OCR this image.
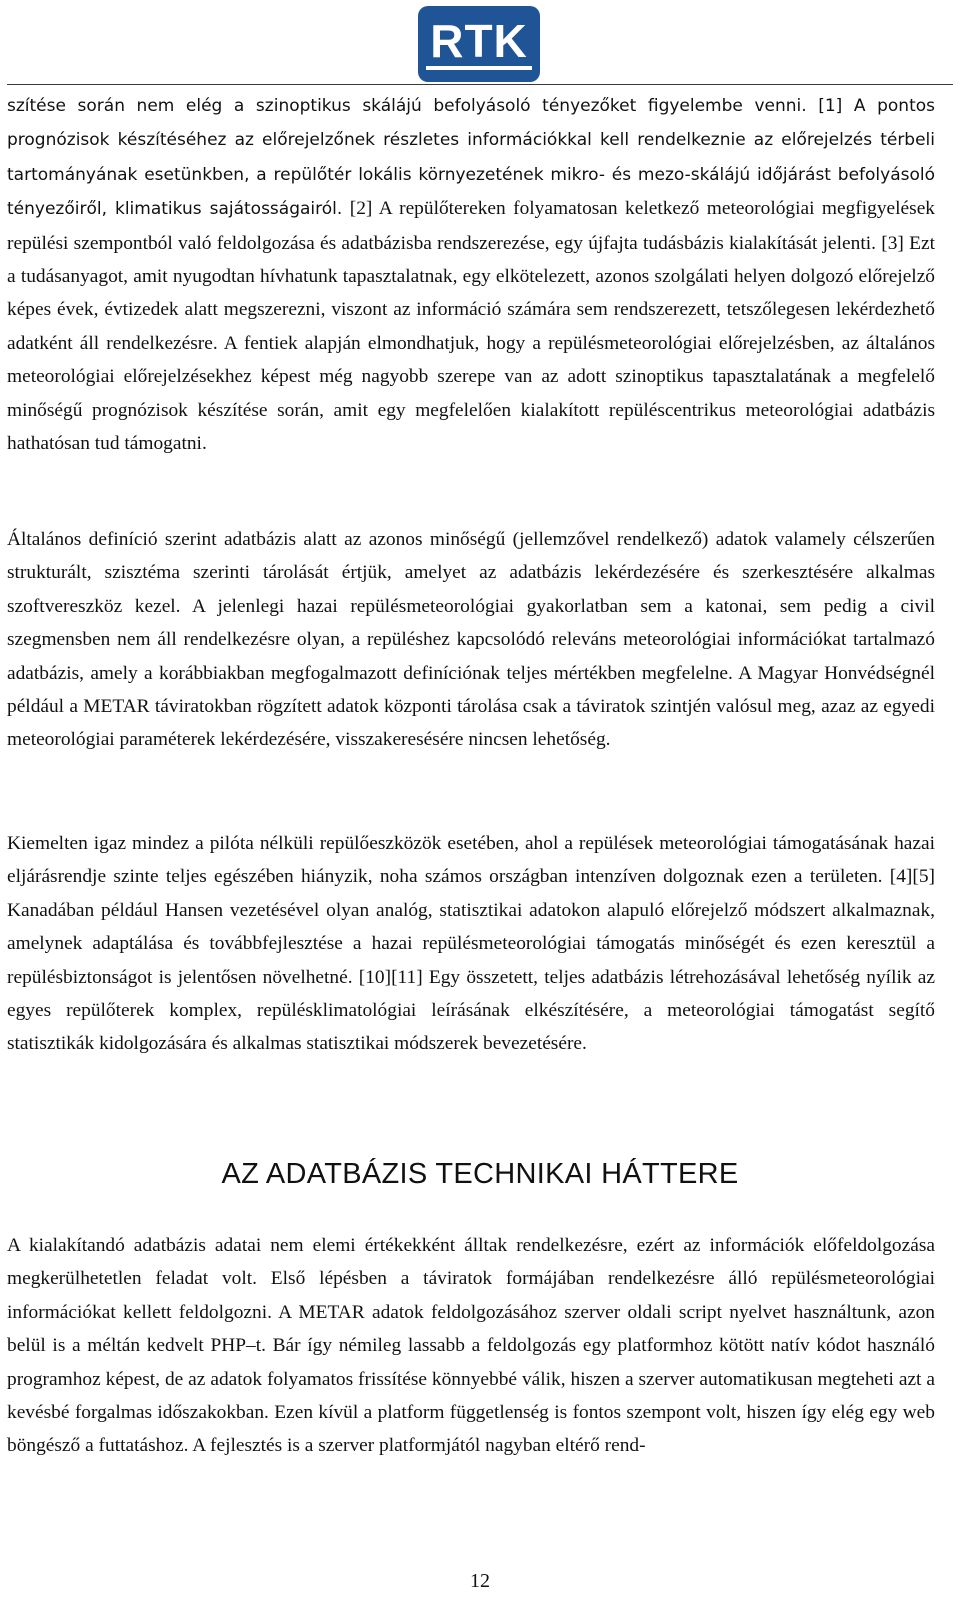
RTK

szítése során nem elég a szinoptikus skálájú befolyásoló tényezőket figyelembe venni. [1] A pontos prognózisok készítéséhez az előrejelzőnek részletes információkkal kell rendelkeznie az előrejelzés térbeli tartományának esetünkben, a repülőtér lokális környezetének mikro- és mezo-skálájú időjárást befolyásoló tényezőiről, klimatikus sajátosságairól. [2] A repülőtereken folyamatosan keletkező meteorológiai megfigyelések repülési szempontból való feldolgozása és adatbázisba rendszerezése, egy újfajta tudásbázis kialakítását jelenti. [3] Ezt a tudásanyagot, amit nyugodtan hívhatunk tapasztalatnak, egy elkötelezett, azonos szolgálati helyen dolgozó előrejelző képes évek, évtizedek alatt megszerezni, viszont az információ számára sem rendszerezett, tetszőlegesen lekérdezhető adatként áll rendelkezésre. A fentiek alapján elmondhatjuk, hogy a repülésmeteorológiai előrejelzésben, az általános meteorológiai előrejelzésekhez képest még nagyobb szerepe van az adott szinoptikus tapasztalatának a megfelelő minőségű prognózisok készítése során, amit egy megfelelően kialakított repüléscentrikus meteorológiai adatbázis hathatósan tud támogatni.

Általános definíció szerint adatbázis alatt az azonos minőségű (jellemzővel rendelkező) adatok valamely célszerűen strukturált, szisztéma szerinti tárolását értjük, amelyet az adatbázis lekérdezésére és szerkesztésére alkalmas szoftvereszköz kezel. A jelenlegi hazai repülésmeteorológiai gyakorlatban sem a katonai, sem pedig a civil szegmensben nem áll rendelkezésre olyan, a repüléshez kapcsolódó releváns meteorológiai információkat tartalmazó adatbázis, amely a korábbiakban megfogalmazott definíciónak teljes mértékben megfelelne. A Magyar Honvédségnél például a METAR táviratokban rögzített adatok központi tárolása csak a táviratok szintjén valósul meg, azaz az egyedi meteorológiai paraméterek lekérdezésére, visszakeresésére nincsen lehetőség.

Kiemelten igaz mindez a pilóta nélküli repülőeszközök esetében, ahol a repülések meteorológiai támogatásának hazai eljárásrendje szinte teljes egészében hiányzik, noha számos országban intenzíven dolgoznak ezen a területen. [4][5] Kanadában például Hansen vezetésével olyan analóg, statisztikai adatokon alapuló előrejelző módszert alkalmaznak, amelynek adaptálása és továbbfejlesztése a hazai repülésmeteorológiai támogatás minőségét és ezen keresztül a repülésbiztonságot is jelentősen növelhetné. [10][11] Egy összetett, teljes adatbázis létrehozásával lehetőség nyílik az egyes repülőterek komplex, repülésklimatológiai leírásának elkészítésére, a meteorológiai támogatást segítő statisztikák kidolgozására és alkalmas statisztikai módszerek bevezetésére.

AZ ADATBÁZIS TECHNIKAI HÁTTERE

A kialakítandó adatbázis adatai nem elemi értékekként álltak rendelkezésre, ezért az információk előfeldolgozása megkerülhetetlen feladat volt. Első lépésben a táviratok formájában rendelkezésre álló repülésmeteorológiai információkat kellett feldolgozni. A METAR adatok feldolgozásához szerver oldali script nyelvet használtunk, azon belül is a méltán kedvelt PHP–t. Bár így némileg lassabb a feldolgozás egy platformhoz kötött natív kódot használó programhoz képest, de az adatok folyamatos frissítése könnyebbé válik, hiszen a szerver automatikusan megteheti azt a kevésbé forgalmas időszakokban. Ezen kívül a platform függetlenség is fontos szempont volt, hiszen így elég egy web böngésző a futtatáshoz. A fejlesztés is a szerver platformjától nagyban eltérő rend-

12
